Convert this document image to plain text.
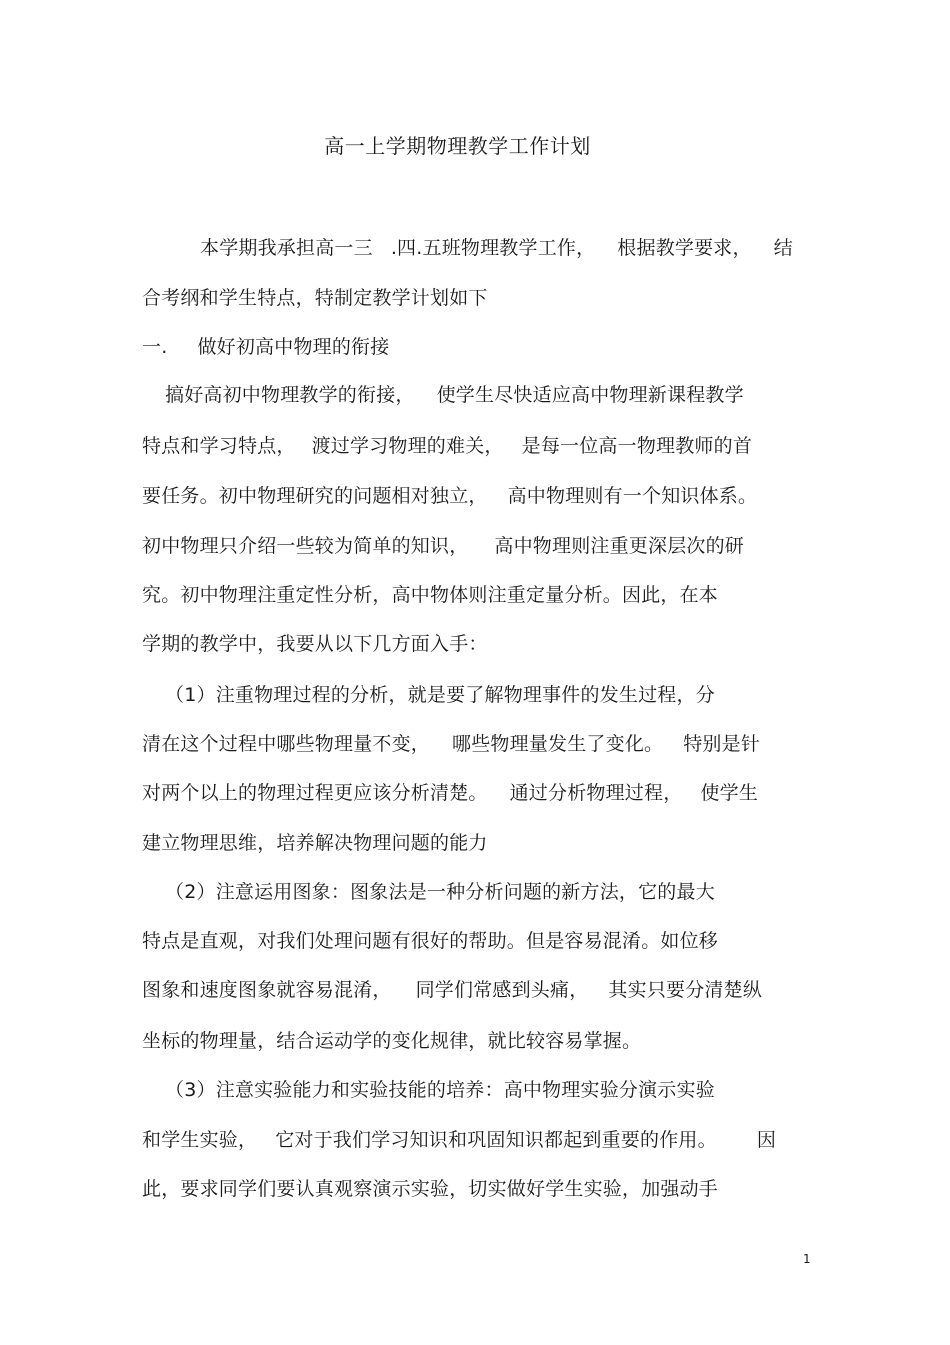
高一上学期物理教学工作计划
本学期我承担高一三 .四.五班物理教学工作， 根据教学要求， 结
合考纲和学生特点，特制定教学计划如下
一. 做好初高中物理的衔接
搞好高初中物理教学的衔接， 使学生尽快适应高中物理新课程教学
特点和学习特点， 渡过学习物理的难关， 是每一位高一物理教师的首
要任务。初中物理研究的问题相对独立， 高中物理则有一个知识体系。
初中物理只介绍一些较为简单的知识， 高中物理则注重更深层次的研
究。初中物理注重定性分析，高中物体则注重定量分析。因此，在本
学期的教学中，我要从以下几方面入手：
（1）注重物理过程的分析，就是要了解物理事件的发生过程，分
清在这个过程中哪些物理量不变， 哪些物理量发生了变化。 特别是针
对两个以上的物理过程更应该分析清楚。 通过分析物理过程， 使学生
建立物理思维，培养解决物理问题的能力
（2）注意运用图象：图象法是一种分析问题的新方法，它的最大
特点是直观，对我们处理问题有很好的帮助。但是容易混淆。如位移
图象和速度图象就容易混淆， 同学们常感到头痛， 其实只要分清楚纵
坐标的物理量，结合运动学的变化规律，就比较容易掌握。
（3）注意实验能力和实验技能的培养：高中物理实验分演示实验
和学生实验， 它对于我们学习知识和巩固知识都起到重要的作用。 因
此，要求同学们要认真观察演示实验，切实做好学生实验，加强动手
1
